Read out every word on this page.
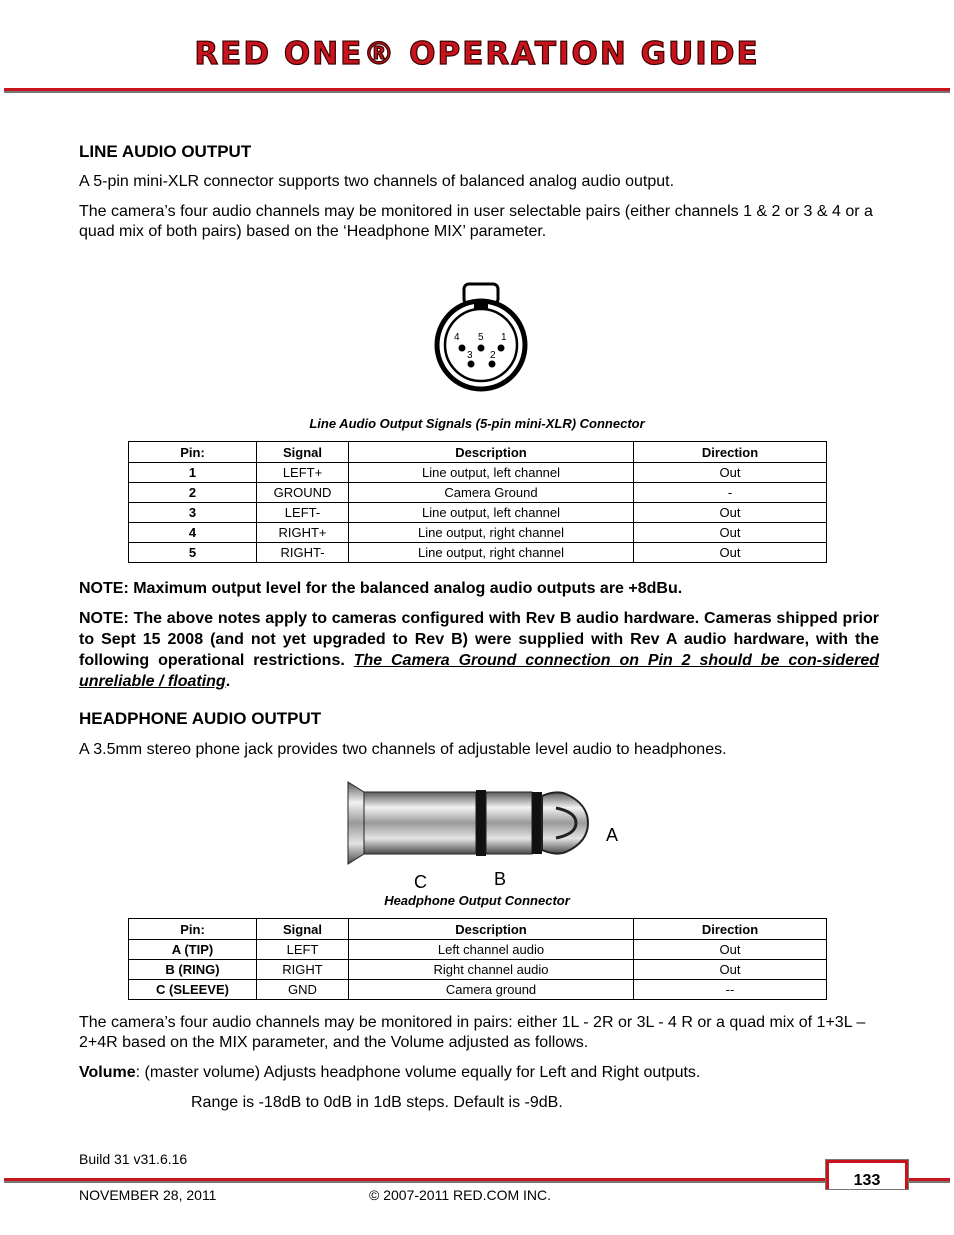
RED ONE® OPERATION GUIDE
LINE AUDIO OUTPUT
A 5-pin mini-XLR connector supports two channels of balanced analog audio output.
The camera’s four audio channels may be monitored in user selectable pairs (either channels 1 & 2 or 3 & 4 or a quad mix of both pairs) based on the ‘Headphone MIX’ parameter.
4 5 1
3 2
Line Audio Output Signals (5-pin mini-XLR) Connector
Pin:	Signal	Description	Direction
1	LEFT+	Line output, left channel	Out
2	GROUND	Camera Ground	-
3	LEFT-	Line output, left channel	Out
4	RIGHT+	Line output, right channel	Out
5	RIGHT-	Line output, right channel	Out
NOTE: Maximum output level for the balanced analog audio outputs are +8dBu.
NOTE: The above notes apply to cameras configured with Rev B audio hardware. Cameras shipped prior to Sept 15 2008 (and not yet upgraded to Rev B) were supplied with Rev A audio hardware, with the following operational restrictions. The Camera Ground connection on Pin 2 should be con-sidered unreliable / floating.
HEADPHONE AUDIO OUTPUT
A 3.5mm stereo phone jack provides two channels of adjustable level audio to headphones.
A
B
C
Headphone Output Connector
Pin:	Signal	Description	Direction
A (TIP)	LEFT	Left channel audio	Out
B (RING)	RIGHT	Right channel audio	Out
C (SLEEVE)	GND	Camera ground	--
The camera’s four audio channels may be monitored in pairs: either 1L - 2R or 3L - 4 R or a quad mix of 1+3L – 2+4R based on the MIX parameter, and the Volume adjusted as follows.
Volume: (master volume) Adjusts headphone volume equally for Left and Right outputs.
Range is -18dB to 0dB in 1dB steps. Default is -9dB.
Build 31 v31.6.16
133
NOVEMBER 28, 2011	© 2007-2011 RED.COM INC.
